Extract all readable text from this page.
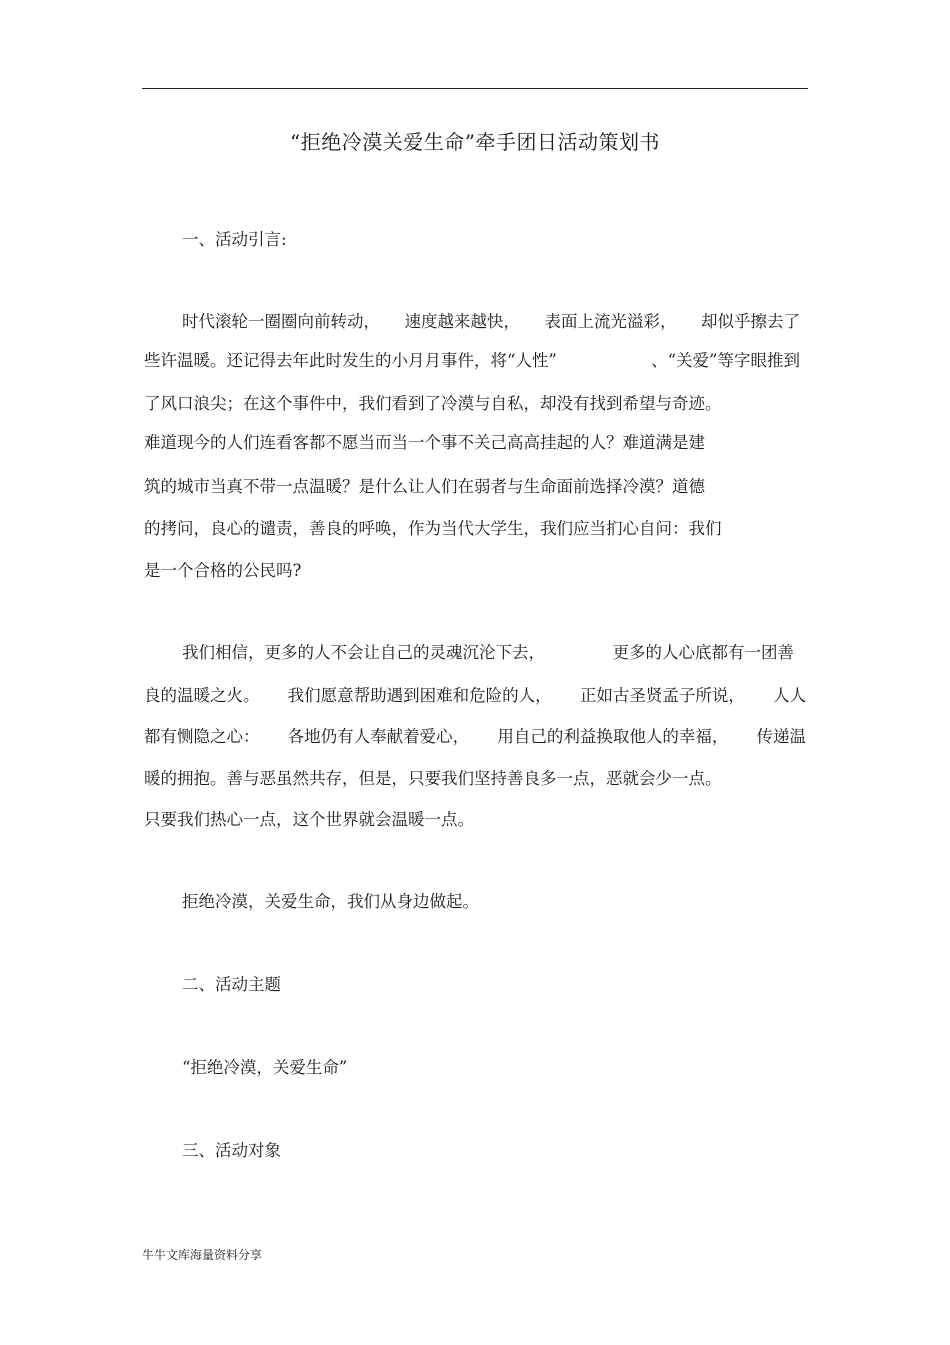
“拒绝冷漠关爱生命”牵手团日活动策划书
一、活动引言:
时代滚轮一圈圈向前转动， 速度越来越快， 表面上流光溢彩， 却似乎擦去了
些许温暖。还记得去年此时发生的小月月事件，将“人性”	、“关爱”等字眼推到
了风口浪尖；在这个事件中，我们看到了冷漠与自私，却没有找到希望与奇迹。
难道现今的人们连看客都不愿当而当一个事不关己高高挂起的人？难道满是建
筑的城市当真不带一点温暖？是什么让人们在弱者与生命面前选择冷漠？道德
的拷问，良心的谴责，善良的呼唤，作为当代大学生，我们应当扪心自问：我们
是一个合格的公民吗?
我们相信，更多的人不会让自己的灵魂沉沦下去，	更多的人心底都有一团善
良的温暖之火。 我们愿意帮助遇到困难和危险的人， 正如古圣贤孟子所说， 人人
都有恻隐之心： 各地仍有人奉献着爱心， 用自己的利益换取他人的幸福， 传递温
暖的拥抱。善与恶虽然共存，但是，只要我们坚持善良多一点，恶就会少一点。
只要我们热心一点，这个世界就会温暖一点。
拒绝冷漠，关爱生命，我们从身边做起。
二、活动主题
“拒绝冷漠，关爱生命”
三、活动对象
牛牛文库海量资料分享
